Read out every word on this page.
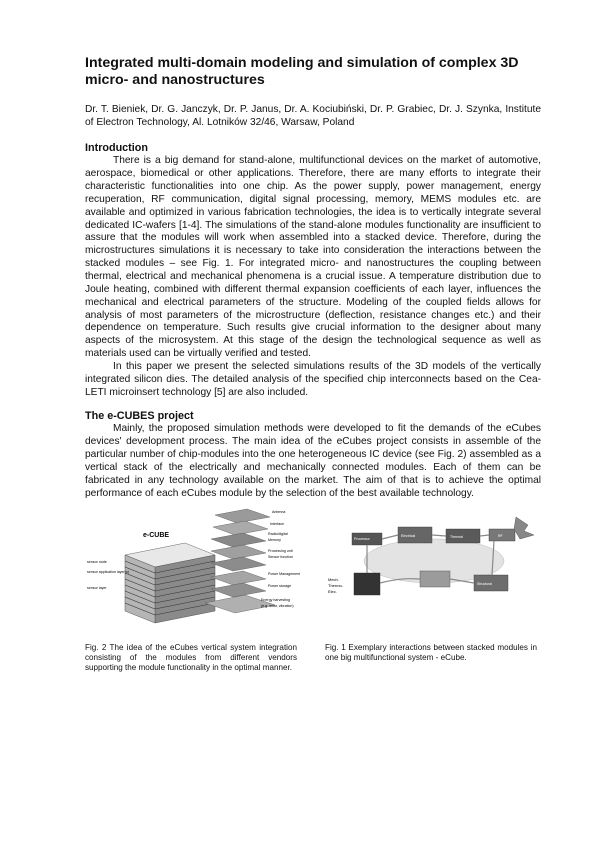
Integrated multi-domain modeling and simulation of complex 3D micro- and nanostructures
Dr. T. Bieniek, Dr. G. Janczyk, Dr. P. Janus, Dr. A. Kociubiński, Dr. P. Grabiec, Dr. J. Szynka, Institute of Electron Technology, Al. Lotników 32/46, Warsaw, Poland
Introduction

There is a big demand for stand-alone, multifunctional devices on the market of automotive, aerospace, biomedical or other applications. Therefore, there are many efforts to integrate their characteristic functionalities into one chip. As the power supply, power management, energy recuperation, RF communication, digital signal processing, memory, MEMS modules etc. are available and optimized in various fabrication technologies, the idea is to vertically integrate several dedicated IC-wafers [1-4]. The simulations of the stand-alone modules functionality are insufficient to assure that the modules will work when assembled into a stacked device. Therefore, during the microstructures simulations it is necessary to take into consideration the interactions between the stacked modules – see Fig. 1. For integrated micro- and nanostructures the coupling between thermal, electrical and mechanical phenomena is a crucial issue. A temperature distribution due to Joule heating, combined with different thermal expansion coefficients of each layer, influences the mechanical and electrical parameters of the structure. Modeling of the coupled fields allows for analysis of most parameters of the microstructure (deflection, resistance changes etc.) and their dependence on temperature. Such results give crucial information to the designer about many aspects of the microsystem. At this stage of the design the technological sequence as well as materials used can be virtually verified and tested.

In this paper we present the selected simulations results of the 3D models of the vertically integrated silicon dies. The detailed analysis of the specified chip interconnects based on the Cea-LETI microinsert technology [5] are also included.

The e-CUBES project

Mainly, the proposed simulation methods were developed to fit the demands of the eCubes devices' development process. The main idea of the eCubes project consists in assemble of the particular number of chip-modules into the one heterogeneous IC device (see Fig. 2) assembled as a vertical stack of the electrically and mechanically connected modules. Each of them can be fabricated in any technology available on the market. The aim of that is to achieve the optimal performance of each eCubes module by the selection of the best available technology.

e-CUBE
sensor node
sensor application layer(s)
sensor layer
Antenna
Interface
Radio/digital
Memory
Processing unit
Sensor function
Power Management
Power storage
Energy harvesting
(e.g. solar, vibration)
Mech.
Thermo-
Elec.
Processor
Electrical	Thermal	RF
Structural
Fig. 2 The idea of the eCubes vertical system integration consisting of the modules from different vendors supporting the module functionality in the optimal manner.
Fig. 1 Exemplary interactions between stacked modules in one big multifunctional system - eCube.
